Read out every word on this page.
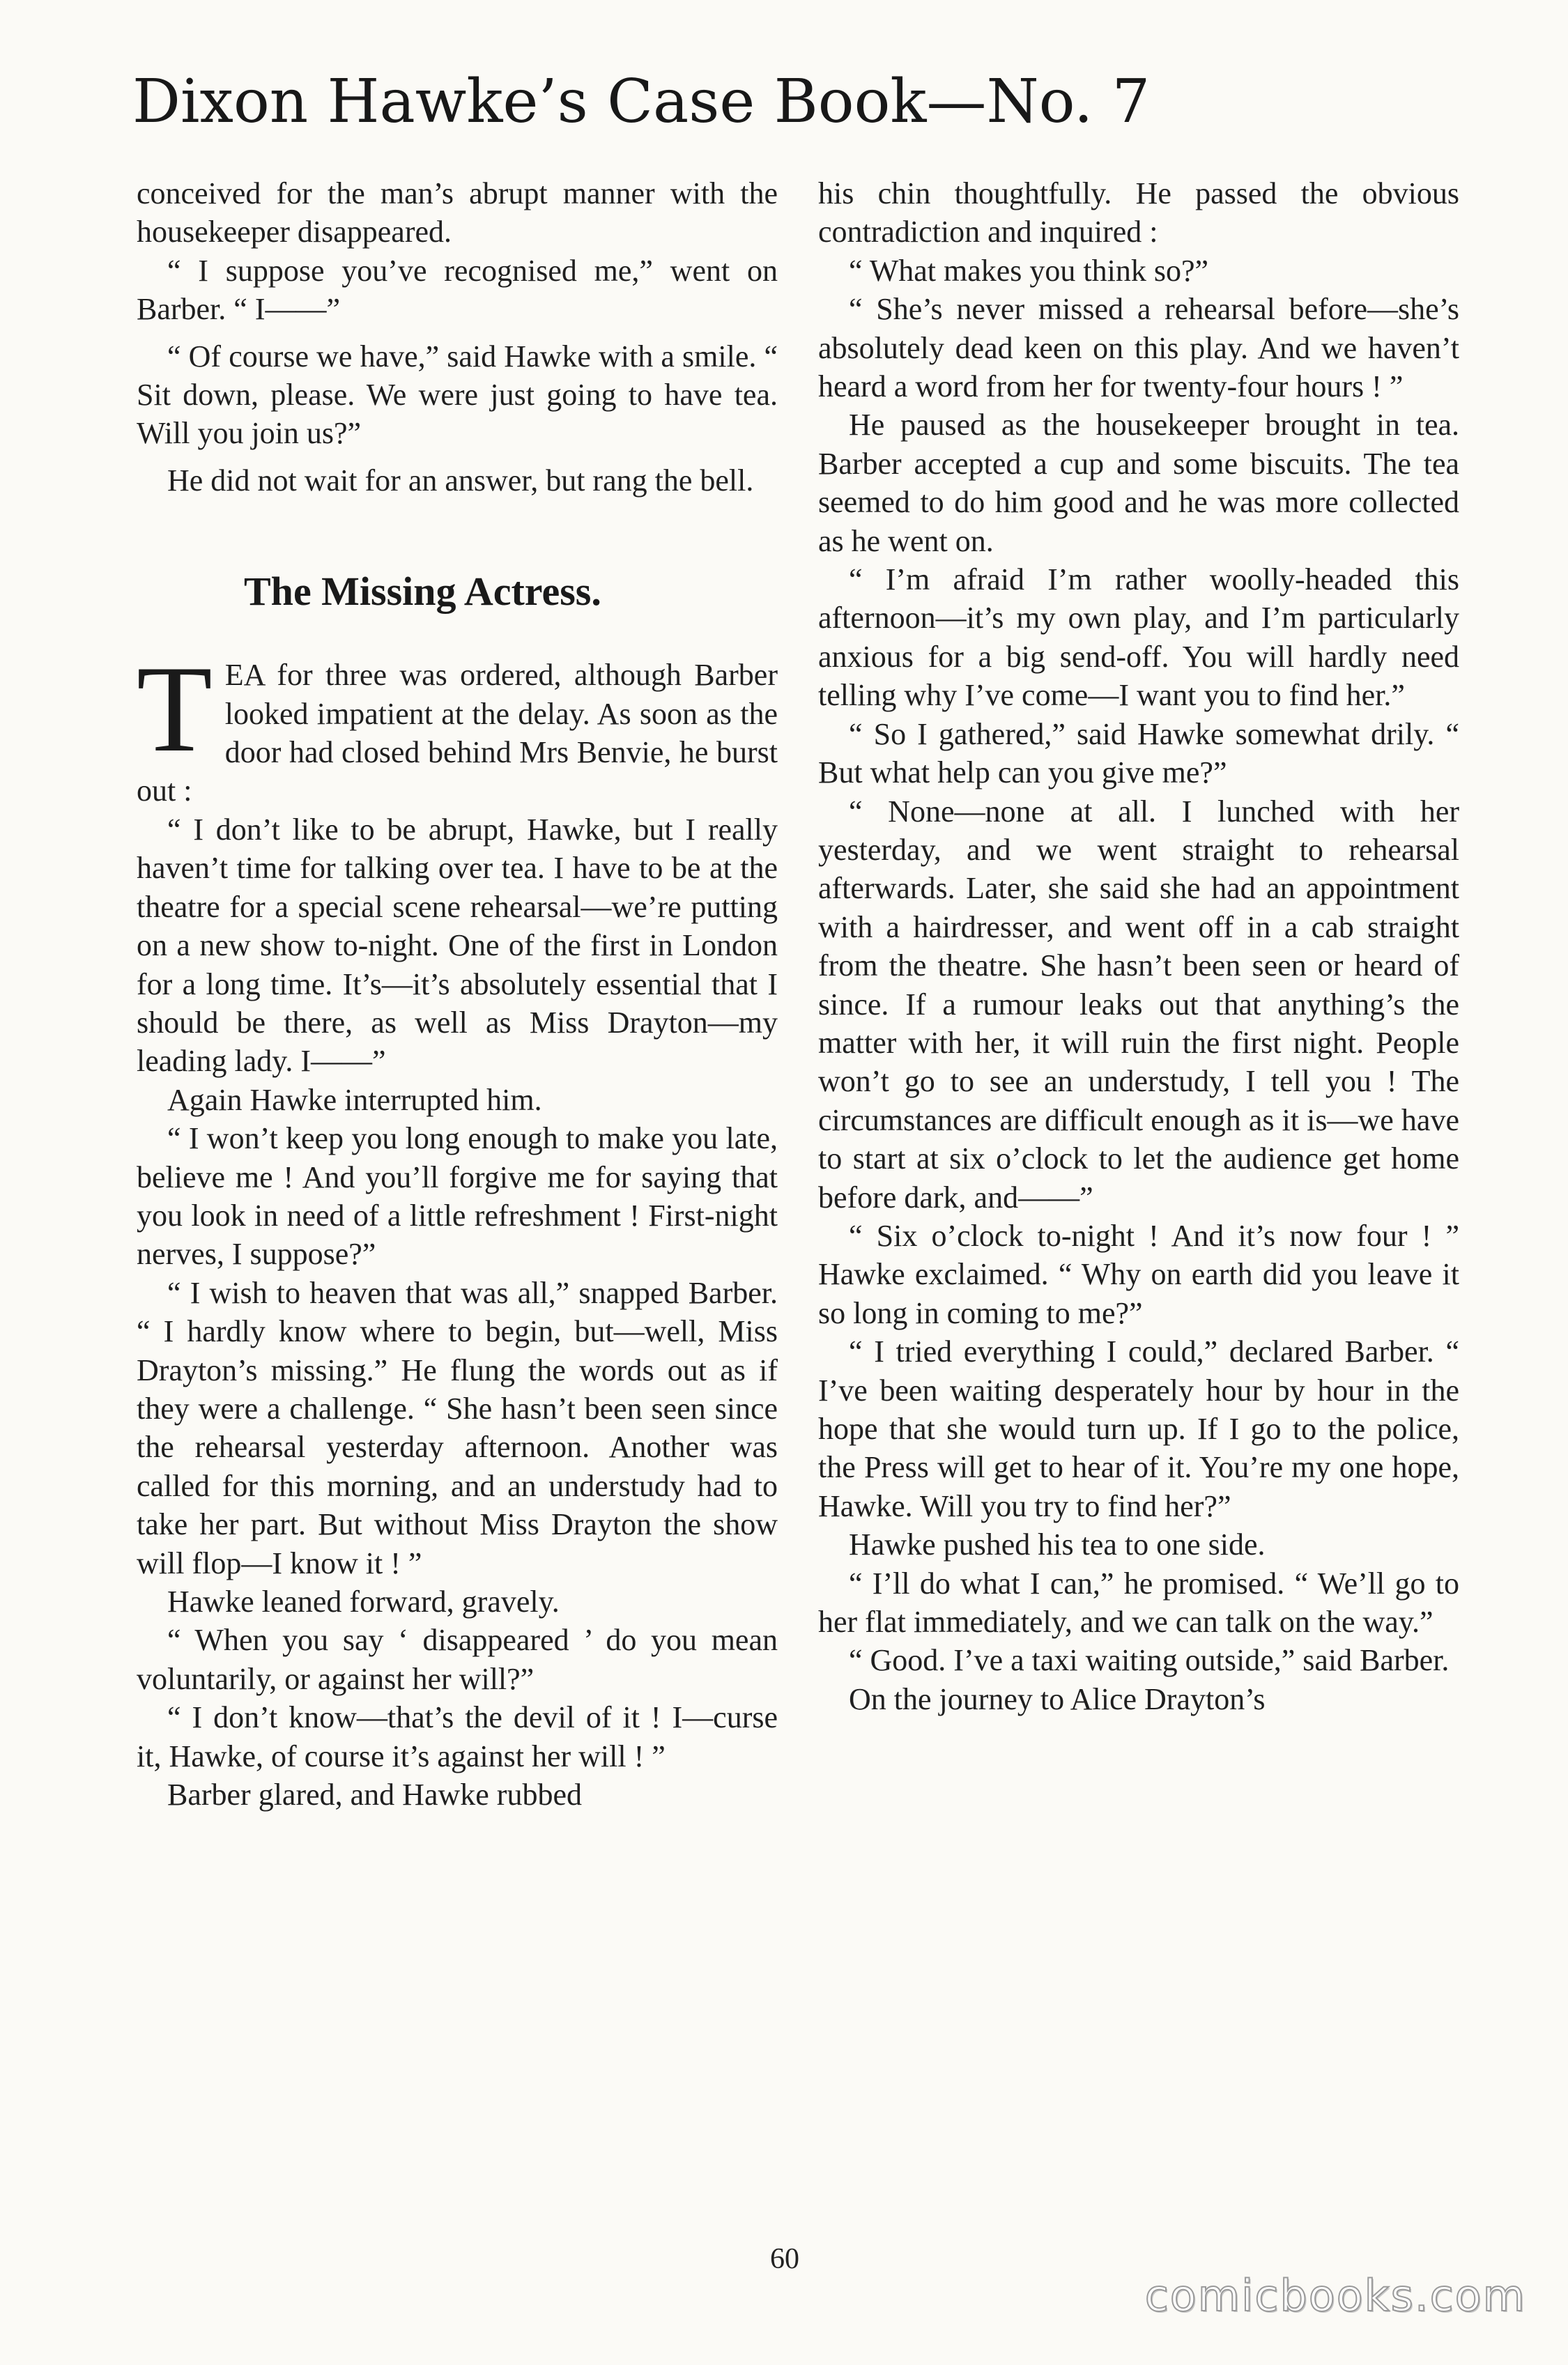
Dixon Hawke’s Case Book—No. 7

conceived for the man’s abrupt manner with the housekeeper disappeared.

“ I suppose you’ve recognised me,” went on Barber. “ I——”

“ Of course we have,” said Hawke with a smile. “ Sit down, please. We were just going to have tea. Will you join us?”

He did not wait for an answer, but rang the bell.

The Missing Actress.

TEA for three was ordered, although Barber looked impatient at the delay. As soon as the door had closed behind Mrs Benvie, he burst out :

“ I don’t like to be abrupt, Hawke, but I really haven’t time for talking over tea. I have to be at the theatre for a special scene rehearsal—we’re putting on a new show to-night. One of the first in London for a long time. It’s—it’s absolutely essential that I should be there, as well as Miss Drayton—my leading lady. I——”

Again Hawke interrupted him.

“ I won’t keep you long enough to make you late, believe me ! And you’ll forgive me for saying that you look in need of a little refreshment ! First-night nerves, I suppose?”

“ I wish to heaven that was all,” snapped Barber. “ I hardly know where to begin, but—well, Miss Drayton’s missing.” He flung the words out as if they were a challenge. “ She hasn’t been seen since the rehearsal yesterday afternoon. Another was called for this morning, and an understudy had to take her part. But without Miss Drayton the show will flop—I know it ! ”

Hawke leaned forward, gravely.

“ When you say ‘ disappeared ’ do you mean voluntarily, or against her will?”

“ I don’t know—that’s the devil of it ! I—curse it, Hawke, of course it’s against her will ! ”

Barber glared, and Hawke rubbed

his chin thoughtfully. He passed the obvious contradiction and inquired :

“ What makes you think so?”

“ She’s never missed a rehearsal before—she’s absolutely dead keen on this play. And we haven’t heard a word from her for twenty-four hours ! ”

He paused as the housekeeper brought in tea. Barber accepted a cup and some biscuits. The tea seemed to do him good and he was more collected as he went on.

“ I’m afraid I’m rather woolly-headed this afternoon—it’s my own play, and I’m particularly anxious for a big send-off. You will hardly need telling why I’ve come—I want you to find her.”

“ So I gathered,” said Hawke somewhat drily. “ But what help can you give me?”

“ None—none at all. I lunched with her yesterday, and we went straight to rehearsal afterwards. Later, she said she had an appointment with a hairdresser, and went off in a cab straight from the theatre. She hasn’t been seen or heard of since. If a rumour leaks out that anything’s the matter with her, it will ruin the first night. People won’t go to see an understudy, I tell you ! The circumstances are difficult enough as it is—we have to start at six o’clock to let the audience get home before dark, and——”

“ Six o’clock to-night ! And it’s now four ! ” Hawke exclaimed. “ Why on earth did you leave it so long in coming to me?”

“ I tried everything I could,” declared Barber. “ I’ve been waiting desperately hour by hour in the hope that she would turn up. If I go to the police, the Press will get to hear of it. You’re my one hope, Hawke. Will you try to find her?”

Hawke pushed his tea to one side.

“ I’ll do what I can,” he promised. “ We’ll go to her flat immediately, and we can talk on the way.”

“ Good. I’ve a taxi waiting outside,” said Barber.

On the journey to Alice Drayton’s

60
comicbooks.com
